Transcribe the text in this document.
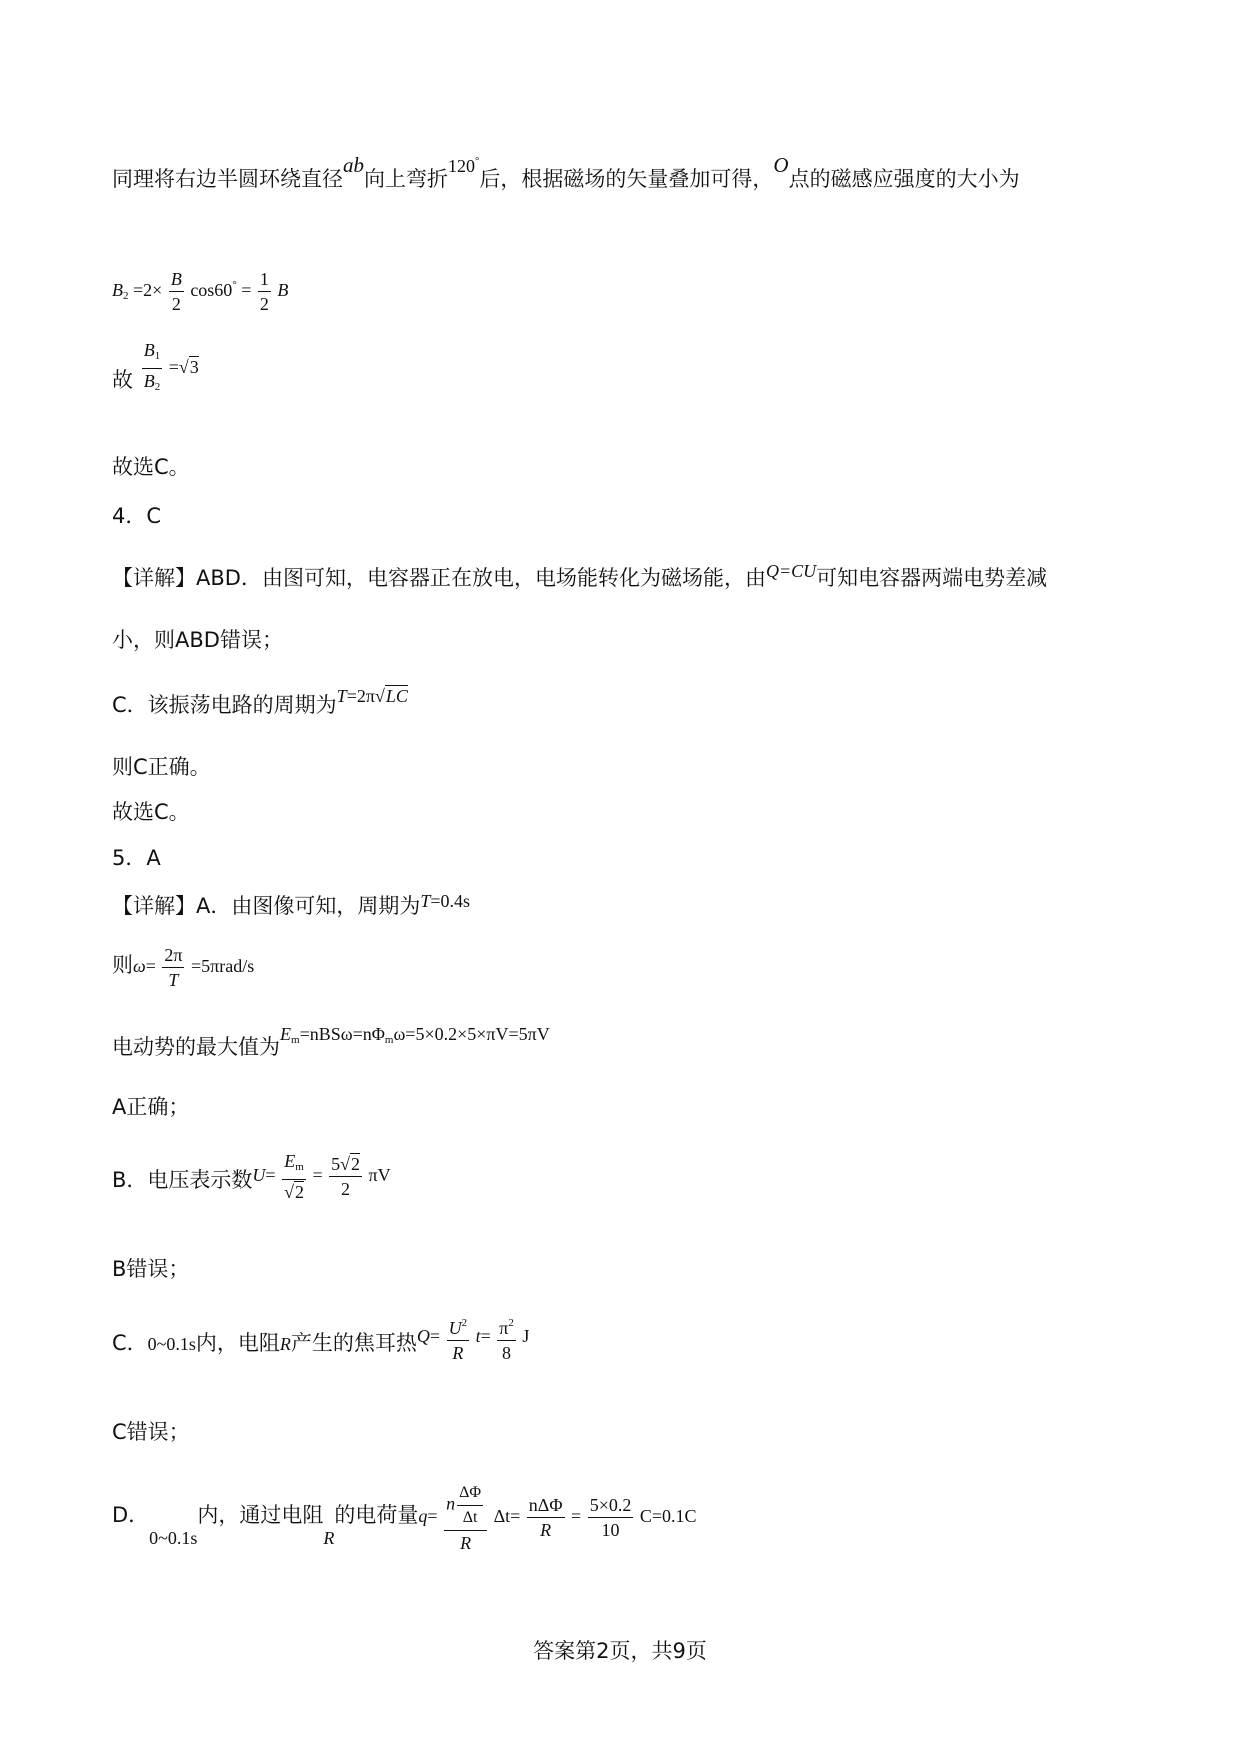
同理将右边半圆环绕直径ab向上弯折120°后，根据磁场的矢量叠加可得，O点的磁感应强度的大小为
$B_2 =2\times \frac{B}{2} \cos 60^\circ = \frac{1}{2}$ B
故 $\frac{B_1}{B_2} =√3$
故选C。
4．C
【详解】ABD．由图可知，电容器正在放电，电场能转化为磁场能，由Q=CU可知电容器两端电势差减
小，则ABD错误；
C．该振荡电路的周期为T=2π√LC
则C正确。
故选C。
5．A
【详解】A．由图像可知，周期为T=0.4s
则$\omega= \frac{2\pi}{T} =5\pi rad/s$
电动势的最大值为$E_m=nBS\omega=n\Phi_m\omega=5\times 0.2\times 5\times\pi V=5\pi V$
A正确；
B．电压表示数$U= \frac{E_m}{√2} = \frac{5√2}{2}$ πV
B错误；
C．0~0.1s内，电阻R产生的焦耳热$Q= \frac{U^2}{R} t= \frac{\pi^2}{8}$ J
C错误；
D．0~0.1s内，通过电阻R的电荷量$q= \frac{n \frac{\Delta\Phi}{\Delta t}}{R} \Delta t= \frac{\text{nΔΦ}}{R} = \frac{5\times 0.2}{10} C=0.1C$
答案第2页，共9页
